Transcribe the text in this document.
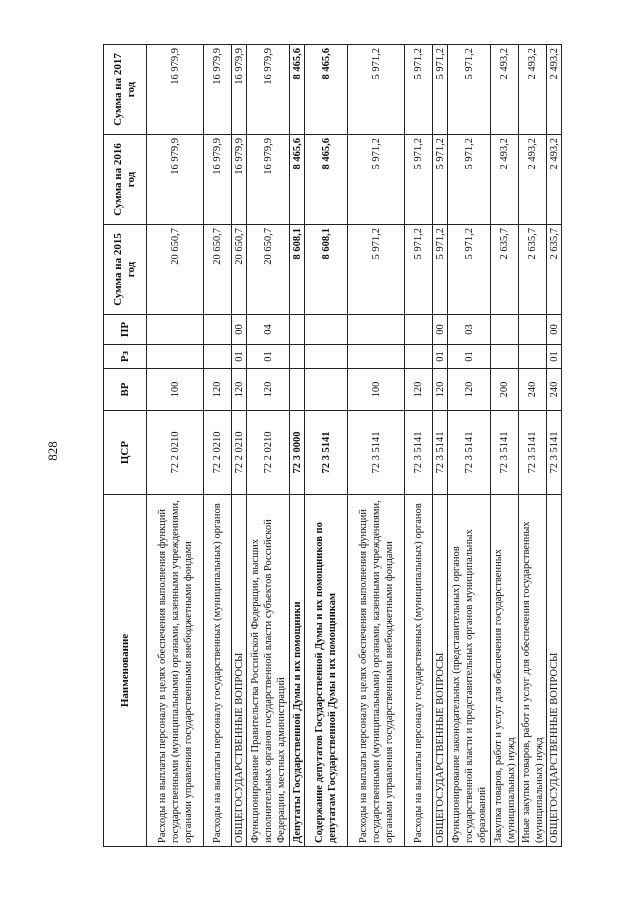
828
Наименование	ЦСР	ВР	Рз	ПР	Сумма на 2015 год	Сумма на 2016 год	Сумма на 2017 год
Расходы на выплаты персоналу в целях обеспечения выполнения функций государственными (муниципальными) органами, казенными учреждениями, органами управления государственными внебюджетными фондами	72 2 0210	100			20 650,7	16 979,9	16 979,9
Расходы на выплаты персоналу государственных (муниципальных) органов	72 2 0210	120			20 650,7	16 979,9	16 979,9
ОБЩЕГОСУДАРСТВЕННЫЕ ВОПРОСЫ	72 2 0210	120	01	00	20 650,7	16 979,9	16 979,9
Функционирование Правительства Российской Федерации, высших исполнительных органов государственной власти субъектов Российской Федерации, местных администраций	72 2 0210	120	01	04	20 650,7	16 979,9	16 979,9
Депутаты Государственной Думы и их помощники	72 3 0000				8 608,1	8 465,6	8 465,6
Содержание депутатов Государственной Думы и их помощников по депутатам Государственной Думы и их помощникам	72 3 5141				8 608,1	8 465,6	8 465,6
Расходы на выплаты персоналу в целях обеспечения выполнения функций государственными (муниципальными) органами, казенными учреждениями, органами управления государственными внебюджетными фондами	72 3 5141	100			5 971,2	5 971,2	5 971,2
Расходы на выплаты персоналу государственных (муниципальных) органов	72 3 5141	120			5 971,2	5 971,2	5 971,2
ОБЩЕГОСУДАРСТВЕННЫЕ ВОПРОСЫ	72 3 5141	120	01	00	5 971,2	5 971,2	5 971,2
Функционирование законодательных (представительных) органов государственной власти и представительных органов муниципальных образований	72 3 5141	120	01	03	5 971,2	5 971,2	5 971,2
Закупка товаров, работ и услуг для обеспечения государственных (муниципальных) нужд	72 3 5141	200			2 635,7	2 493,2	2 493,2
Иные закупки товаров, работ и услуг для обеспечения государственных (муниципальных) нужд	72 3 5141	240			2 635,7	2 493,2	2 493,2
ОБЩЕГОСУДАРСТВЕННЫЕ ВОПРОСЫ	72 3 5141	240	01	00	2 635,7	2 493,2	2 493,2
